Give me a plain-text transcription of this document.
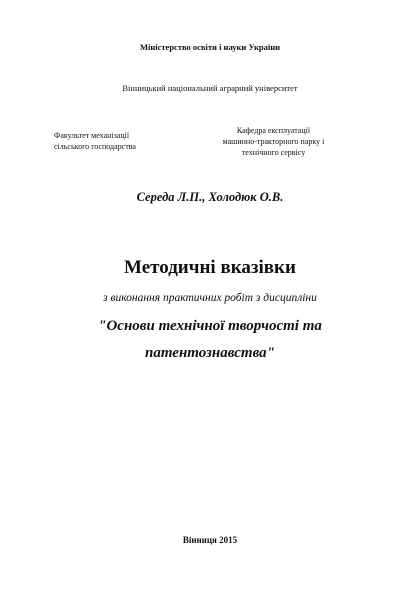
Міністерство освіти і науки України
Вінницький національний аграрний університет
Факультет механізації
сільського господарства
Кафедра експлуатації
машинно-тракторного парку і
технічного сервісу
Середа Л.П., Холодюк О.В.
Методичні вказівки
з виконання практичних робіт з дисципліни
"Основи технічної творчості та патентознавства"
Вінниця 2015
